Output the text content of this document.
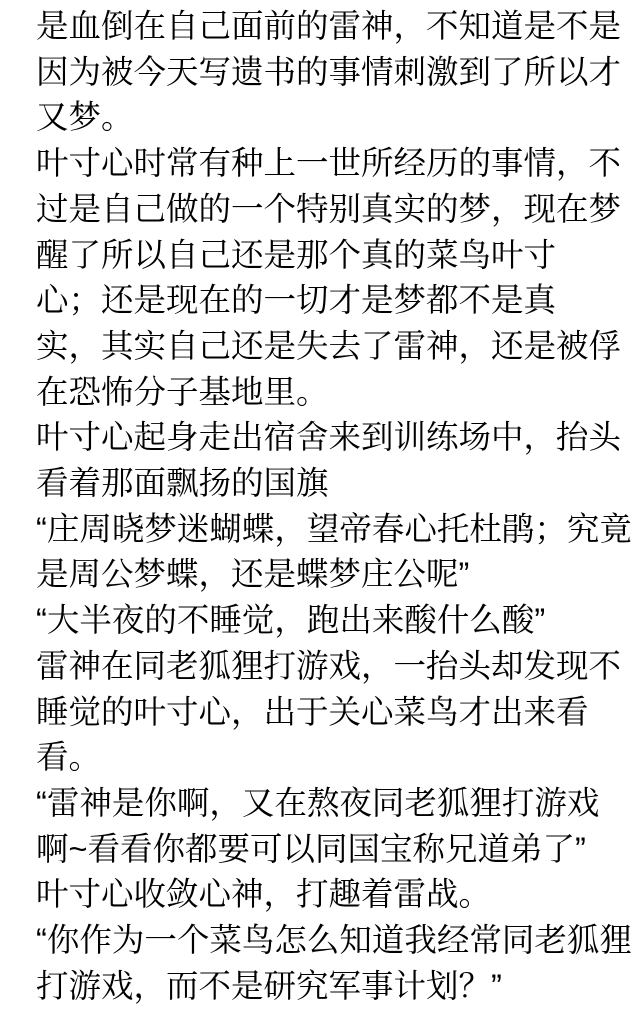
是血倒在自己面前的雷神，不知道是不是
因为被今天写遗书的事情刺激到了所以才
又梦。
叶寸心时常有种上一世所经历的事情，不
过是自己做的一个特别真实的梦，现在梦
醒了所以自己还是那个真的菜鸟叶寸
心；还是现在的一切才是梦都不是真
实，其实自己还是失去了雷神，还是被俘
在恐怖分子基地里。
叶寸心起身走出宿舍来到训练场中，抬头
看着那面飘扬的国旗
“庄周晓梦迷蝴蝶，望帝春心托杜鹃；究竟
是周公梦蝶，还是蝶梦庄公呢”
“大半夜的不睡觉，跑出来酸什么酸”
雷神在同老狐狸打游戏，一抬头却发现不
睡觉的叶寸心，出于关心菜鸟才出来看
看。
“雷神是你啊，又在熬夜同老狐狸打游戏
啊~看看你都要可以同国宝称兄道弟了”
叶寸心收敛心神，打趣着雷战。
“你作为一个菜鸟怎么知道我经常同老狐狸
打游戏，而不是研究军事计划？”
